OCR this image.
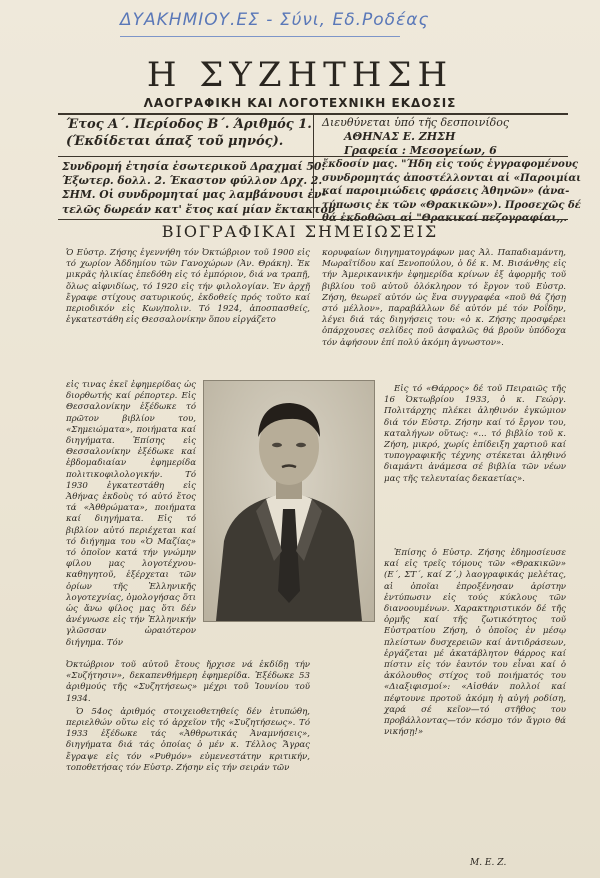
ΔΥΑΚΗΜΙΟΥ.ΕΣ - Σύνι, Εδ.Ροδέας
Η ΣΥΖΗΤΗΣΗ
ΛΑΟΓΡΑΦΙΚΗ ΚΑΙ ΛΟΓΟΤΕΧΝΙΚΗ ΕΚΔΟΣΙΣ
Έτος Α΄. Περίοδος Β΄. Άριθμός 1.
(Έκδίδεται άπαξ τοῦ μηνός).
Διευθύνεται ὑπό τῆς δεσποινίδος
ΑΘΗΝΑΣ Ε. ΖΗΣΗ
Γραφεία : Μεσογείων, 6
Συνδρομή ἐτησία ἐσωτερικοῦ Δραχμαί 50.
Έξωτερ. δολλ. 2. Έκαστον φύλλον Δρχ. 2.
ΣΗΜ. Οἱ συνδρομηταί μας λαμβάνουσι ἐν-
τελῶς δωρεάν κατ' ἔτος καί μίαν ἔκτακτον
ἔκδοσίν μας. "Ήδη εἰς τούς ἐγγραφομένους
συνδρομητάς ἀποστέλλονται αἱ «Παροιμίαι
καί παροιμιώδεις φράσεις Ἀθηνῶν» (ἀνα-
τύπωσις ἐκ τῶν «Θρακικῶν»). Προσεχῶς δέ
θά ἐκδοθῶσι αἱ "Θρακικαί πεζογραφίαι,,.
ΒΙΟΓΡΑΦΙΚΑΙ ΣΗΜΕΙΩΣΕΙΣ

Ὁ Εὐστρ. Ζήσης ἐγεννήθη τόν Ὀκτώβριον τοῦ 1900 εἰς τό χωρίον Ἀδδημίου τῶν Γανοχώρων (Ἀν. Θράκη). Ἐκ μικρᾶς ἡλικίας ἐπεδόθη εἰς τό ἐμπόριον, διά να τραπῇ, ὅλως αἰφνιδίως, τό 1920 εἰς τήν φιλολογίαν. Ἐν ἀρχῇ ἔγραφε στίχους σατυρικούς, ἐκδοθείς πρός τοῦτο καί περιοδικόν εἰς Κων/πολιν. Τό 1924, ἀποσπασθείς, ἐγκατεστάθη εἰς Θεσσαλονίκην ὅπου εἰργάζετο

εἰς τινας ἐκεῖ ἐφημερίδας ὡς διορθωτής καί ρέπορτερ. Εἰς Θεσσαλονίκην ἐξέδωκε τό πρῶτον βιβλίον του, «Σημειώματα», ποιήματα καί διηγήματα. Ἐπίσης εἰς Θεσσαλονίκην ἐξέδωκε καί ἑβδομαδιαίαν ἐφημερίδα πολιτικοφιλολογικήν. Τό 1930 ἐγκατεστάθη εἰς Ἀθήνας ἐκδοὺς τό αὐτό ἔτος τά «Ἀθθρώματα», ποιήματα καί διηγήματα. Εἰς τό βιβλίον αὐτό περιέχεται καί τό διήγημα του «Ὁ Μαζίας» τό ὁποῖον κατά τήν γνώμην φίλου μας λογοτέχνου-καθηγητοῦ, ἐξέρχεται τῶν ὁρίων τῆς Ἑλληνικῆς λογοτεχνίας, ὁμολογήσας ὅτι ὡς ἄνω φίλος μας ὅτι δέν ἀνέγνωσε εἰς τήν Ἑλληνικήν γλῶσσαν ὡραιότερον διήγημα. Τόν

Ὀκτώβριον τοῦ αὐτοῦ ἔτους ἤρχισε νά ἐκδίδῃ τήν «Συζήτησιν», δεκαπενθήμερη ἐφημερίδα. Ἐξέδωκε 53 ἀριθμούς τῆς «Συζητήσεως» μέχρι τοῦ Ἰουνίου τοῦ 1934.

Ὁ 54ος ἀριθμός στοιχειοθετηθείς δέν ἐτυπώθη, περιελθών οὕτω εἰς τό ἀρχεῖον τῆς «Συζητήσεως». Τό 1933 ἐξέδωκε τάς «Ἀθθρωτικάς Ἀναμνήσεις», διηγήματα διά τάς ὁποίας ὁ μέν κ. Τέλλος Ἄγρας ἔγραψε εἰς τόν «Ρυθμόν» εὐμενεστάτην κριτικήν, τοποθετήσας τόν Εὐστρ. Ζήσην εἰς τήν σειράν τῶν

κορυφαίων διηγηματογράφων μας Ἀλ. Παπαδιαμάντη, Μωραϊτίδου καί Ξενοπούλου, ὁ δέ κ. Μ. Βισάνθης εἰς τήν Ἀμερικανικήν ἐφημερίδα κρίνων ἐξ ἀφορμῆς τοῦ βιβλίου τοῦ αὐτοῦ ὁλόκληρον τό ἔργον τοῦ Εὐστρ. Ζήση, θεωρεῖ αὐτόν ὡς ἕνα συγγραφέα «ποῦ θά ζήσῃ στό μέλλον», παραβάλλων δέ αὐτόν μέ τόν Ροΐδην, λέγει διά τάς διηγήσεις του: «ὁ κ. Ζήσης προσφέρει ὁπάρχουσες σελίδες ποῦ ἀσφαλῶς θά βροῦν ὑπόδοχα τόν ἀφήσουν ἐπί πολύ ἀκόμη ἀγνωστον».

Εἰς τό «Θάρρος» δέ τοῦ Πειραιῶς τῆς 16 Ὀκτωβρίου 1933, ὁ κ. Γεώργ. Πολιτάρχης πλέκει ἀληθινόν ἐγκώμιον διά τόν Εὐστρ. Ζήσην καί τό ἔργον του, καταλήγων οὕτως: «... τό βιβλίο τοῦ κ. Ζήση, μικρό, χωρίς ἐπίδειξη χαρτιοῦ καί τυπογραφικῆς τέχνης στέκεται ἀληθινό διαμάντι ἀνάμεσα σέ βιβλία τῶν νέων μας τῆς τελευταίας δεκαετίας».

Ἐπίσης ὁ Εὐστρ. Ζήσης ἐδημοσίευσε καί εἰς τρεῖς τόμους τῶν «Θρακικῶν» (Ε΄, ΣΤ΄, καί Ζ΄,) λαογραφικάς μελέτας, αἱ ὁποῖαι ἐπροξένησαν ἀρίστην ἐντύπωσιν εἰς τούς κύκλους τῶν διανοουμένων. Χαρακτηριστικόν δέ τῆς ὁρμῆς καί τῆς ζωτικότητος τοῦ Εὐστρατίου Ζήση, ὁ ὁποῖος ἐν μέσῳ πλείστων δυσχερειῶν καί ἀντιδράσεων, ἐργάζεται μέ ἀκατάβλητον θάρρος καί πίστιν εἰς τόν ἑαυτόν του εἶναι καί ὁ ἀκόλουθος στίχος τοῦ ποιήματός του «Διαξιφισμοί»: «Αἰσθάν πολλοί καί πέφτουνε προτοῦ ἀκόμη ἡ αὐγή ροδίση, χαρά σέ κεῖον—τό στῆθος του προβάλλοντας—τόν κόσμο τόν ἄγριο θά νικήσῃ!»

Μ. Ε. Ζ.
